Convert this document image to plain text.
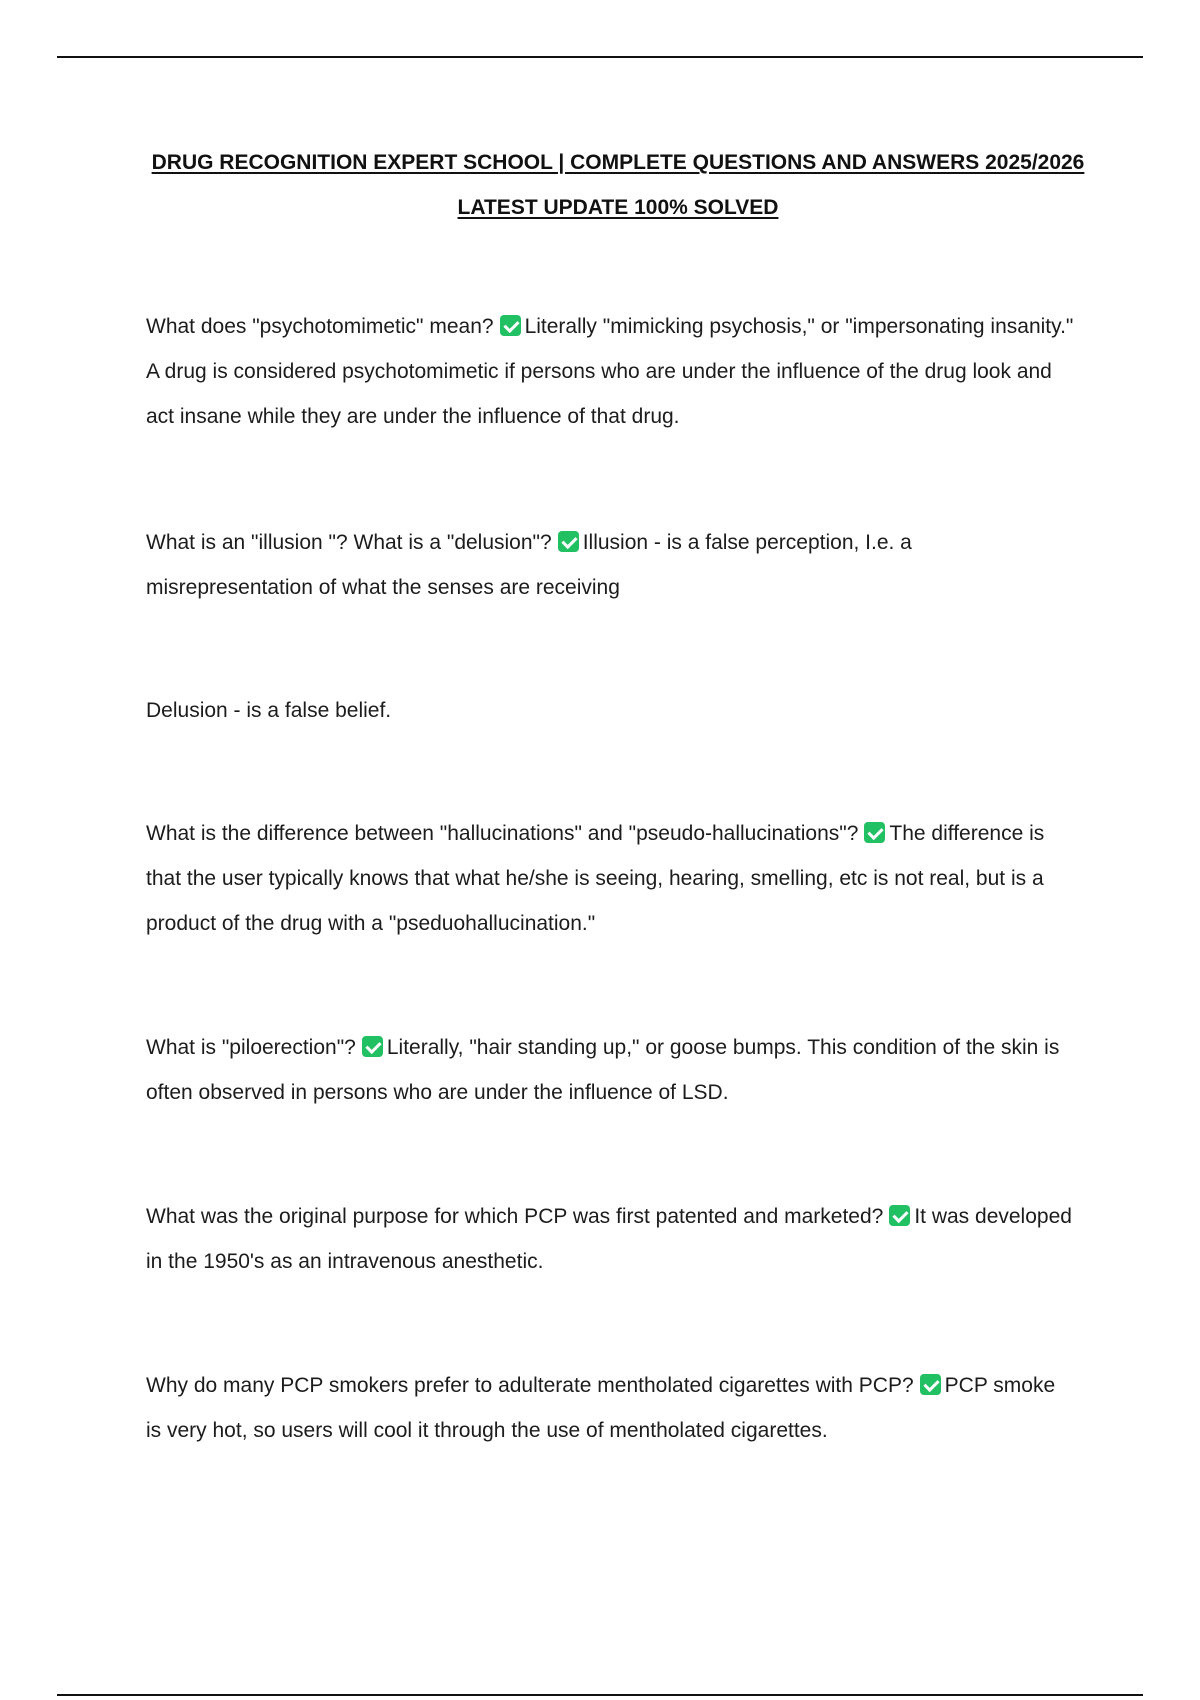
DRUG RECOGNITION EXPERT SCHOOL | COMPLETE QUESTIONS AND ANSWERS 2025/2026
LATEST UPDATE 100% SOLVED
What does "psychotomimetic" mean? Literally "mimicking psychosis," or "impersonating insanity." A drug is considered psychotomimetic if persons who are under the influence of the drug look and act insane while they are under the influence of that drug.
What is an "illusion "? What is a "delusion"? Illusion - is a false perception, I.e. a misrepresentation of what the senses are receiving
Delusion - is a false belief.
What is the difference between "hallucinations" and "pseudo-hallucinations"? The difference is that the user typically knows that what he/she is seeing, hearing, smelling, etc is not real, but is a product of the drug with a "pseduohallucination."
What is "piloerection"? Literally, "hair standing up," or goose bumps. This condition of the skin is often observed in persons who are under the influence of LSD.
What was the original purpose for which PCP was first patented and marketed? It was developed in the 1950's as an intravenous anesthetic.
Why do many PCP smokers prefer to adulterate mentholated cigarettes with PCP? PCP smoke is very hot, so users will cool it through the use of mentholated cigarettes.
